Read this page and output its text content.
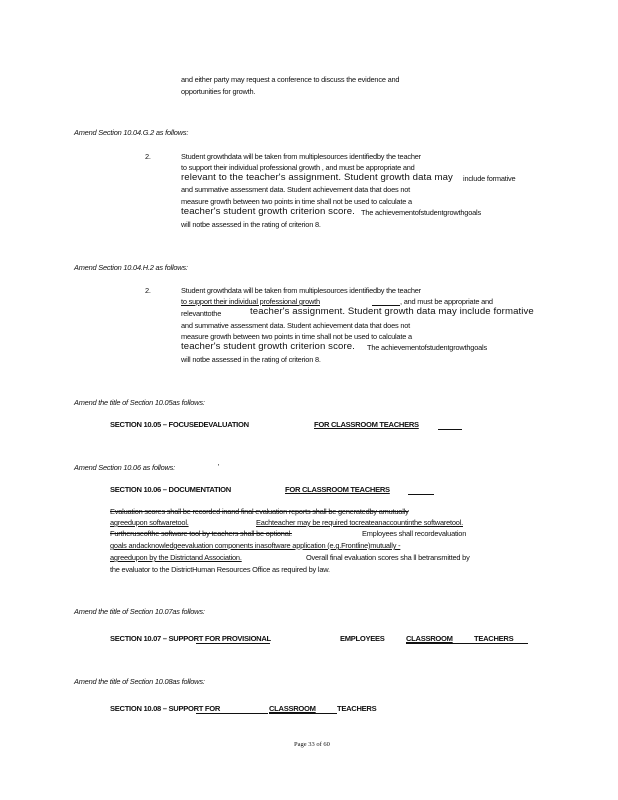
and either party may request a conference to discuss the evidence and
opportunities for growth.
Amend Section 10.04.G.2 as follows:
2.	Student growthdata will be taken from multiplesources identifiedby the teacher
to support their individual professional growth , and must be appropriate and
relevant to the teacher's assignment. Student growth data may include formative
and summative assessment data. Student achievement data that does not
measure growth between two points in time shall not be used to calculate a
teacher's student growth criterion score. The achievementofstudentgrowthgoals
will notbe assessed in the rating of criterion 8.
Amend Section 10.04.H.2 as follows:
2.	Student growthdata will be taken from multiplesources identifiedby the teacher
to support their individual professional growth	, and must be appropriate and
relevanttothe	teacher's assignment. Student growth data may include formative
and summative assessment data. Student achievement data that does not
measure growth between two points in time shall not be used to calculate a
teacher's student growth criterion score. The achievementofstudentgrowthgoals
will notbe assessed in the rating of criterion 8.
Amend the title of Section 10.05as follows:
SECTION 10.05 – FOCUSEDEVALUATION	FOR CLASSROOM TEACHERS
Amend Section 10.06 as follows:	'
SECTION 10.06 – DOCUMENTATION	FOR CLASSROOM TEACHERS
Evaluation scores shall be recorded inand final evaluation reports shall be generatedby amutually
agreedupon softwaretool.	Eachteacher may be required tocreateanaccountinthe softwaretool.
Furtheruseofthe software tool by teachers shall be optional.	Employees shall recordevaluation
goals andacknowledgeevaluation components inasoftware application (e.g.Frontline)mutually -
agreedupon by the Districtand Association.	Overall final evaluation scores sha ll betransmitted by
the evaluator to the DistrictHuman Resources Office as required by law.
Amend the title of Section 10.07as follows:
SECTION 10.07 – SUPPORT FOR PROVISIONAL	EMPLOYEES	CLASSROOM	TEACHERS
Amend the title of Section 10.08as follows:
SECTION 10.08 – SUPPORT FOR	CLASSROOM	TEACHERS
Page 33 of 60
